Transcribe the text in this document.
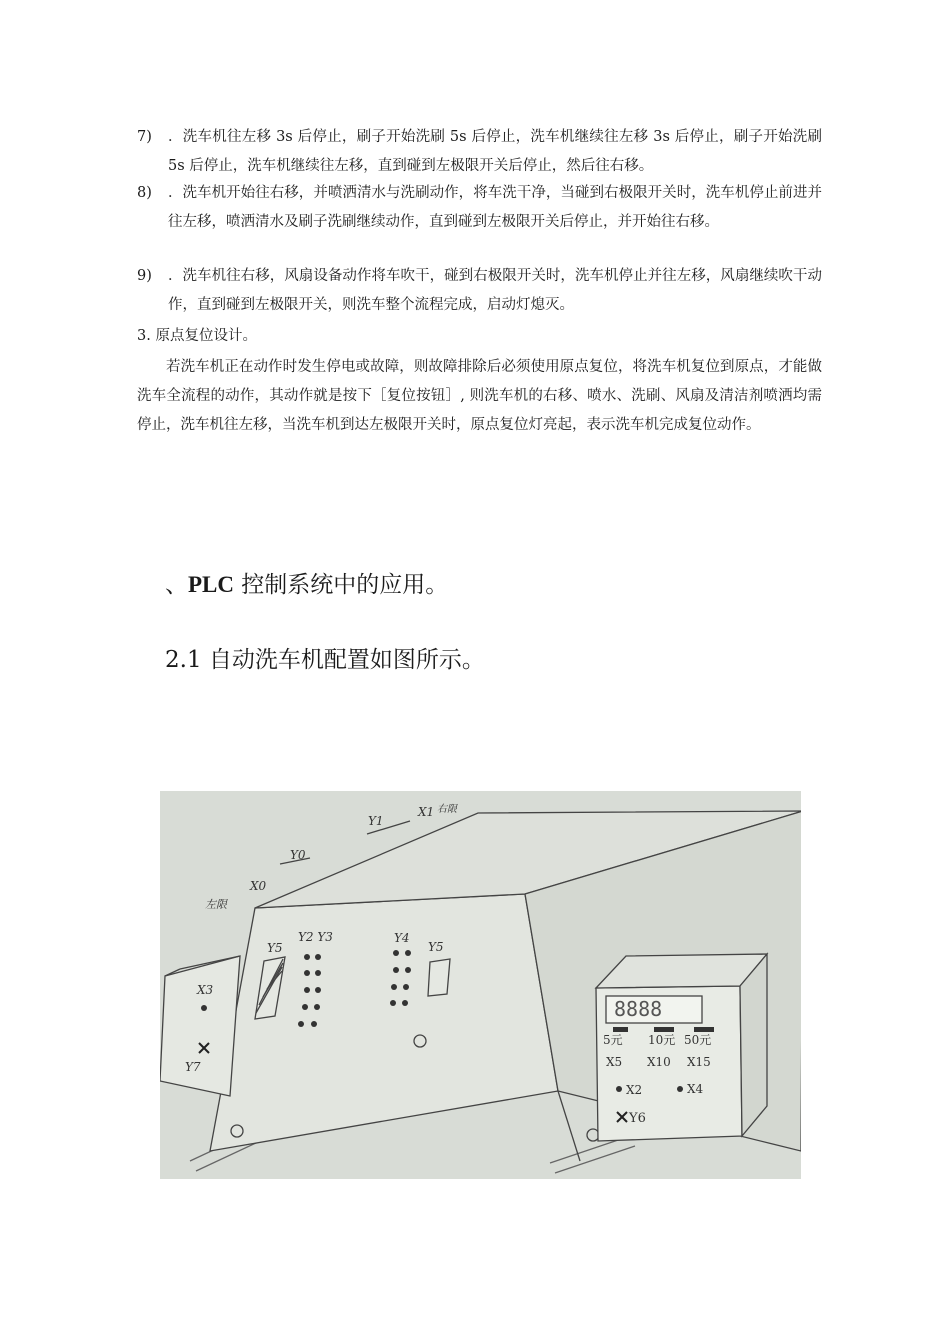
7)	．洗车机往左移 3s 后停止，刷子开始洗刷 5s 后停止，洗车机继续往左移 3s 后停止，刷子开始洗刷 5s 后停止，洗车机继续往左移，直到碰到左极限开关后停止，然后往右移。
8)	．洗车机开始往右移，并喷洒清水与洗刷动作，将车洗干净，当碰到右极限开关时，洗车机停止前进并往左移，喷洒清水及刷子洗刷继续动作，直到碰到左极限开关后停止，并开始往右移。
9)	．洗车机往右移，风扇设备动作将车吹干，碰到右极限开关时，洗车机停止并往左移，风扇继续吹干动作，直到碰到左极限开关，则洗车整个流程完成，启动灯熄灭。
3. 原点复位设计。
若洗车机正在动作时发生停电或故障，则故障排除后必须使用原点复位，将洗车机复位到原点，才能做洗车全流程的动作，其动作就是按下［复位按钮］, 则洗车机的右移、喷水、洗刷、风扇及清洁剂喷洒均需停止，洗车机往左移，当洗车机到达左极限开关时，原点复位灯亮起，表示洗车机完成复位动作。
、PLC 控制系统中的应用。
2.1 自动洗车机配置如图所示。
Y1
X1 右限
Y0
X0
左限
Y5
Y2 Y3	Y4
Y5
X3
Y7
8888
5元 10元 50元
X5 X10 X15
X2	X4
Y6
